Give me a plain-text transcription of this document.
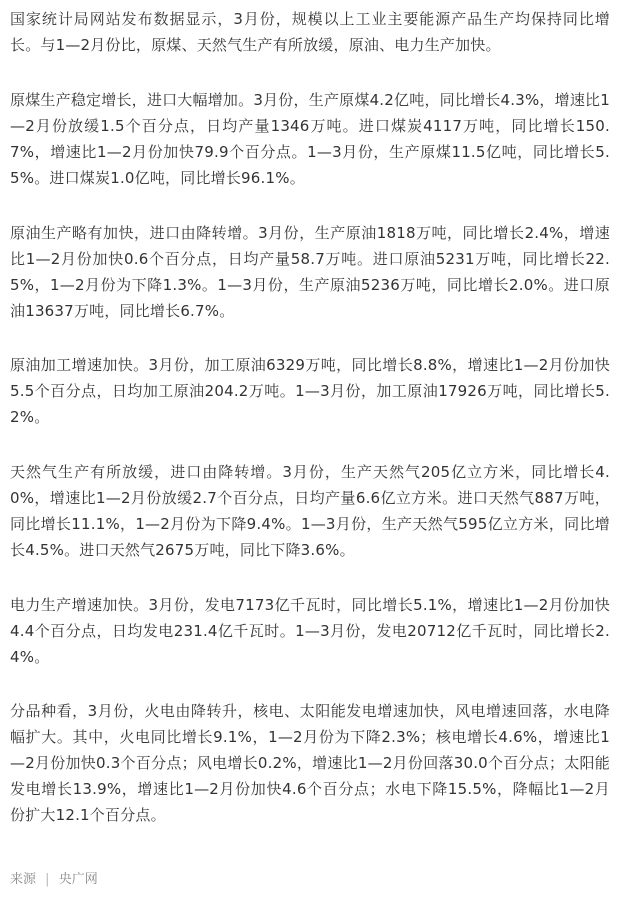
国家统计局网站发布数据显示，3月份，规模以上工业主要能源产品生产均保持同比增长。与1—2月份比，原煤、天然气生产有所放缓，原油、电力生产加快。

原煤生产稳定增长，进口大幅增加。3月份，生产原煤4.2亿吨，同比增长4.3%，增速比1—2月份放缓1.5个百分点，日均产量1346万吨。进口煤炭4117万吨，同比增长150.7%，增速比1—2月份加快79.9个百分点。1—3月份，生产原煤11.5亿吨，同比增长5.5%。进口煤炭1.0亿吨，同比增长96.1%。

原油生产略有加快，进口由降转增。3月份，生产原油1818万吨，同比增长2.4%，增速比1—2月份加快0.6个百分点，日均产量58.7万吨。进口原油5231万吨，同比增长22.5%，1—2月份为下降1.3%。1—3月份，生产原油5236万吨，同比增长2.0%。进口原油13637万吨，同比增长6.7%。

原油加工增速加快。3月份，加工原油6329万吨，同比增长8.8%，增速比1—2月份加快5.5个百分点，日均加工原油204.2万吨。1—3月份，加工原油17926万吨，同比增长5.2%。

天然气生产有所放缓，进口由降转增。3月份，生产天然气205亿立方米，同比增长4.0%，增速比1—2月份放缓2.7个百分点，日均产量6.6亿立方米。进口天然气887万吨，同比增长11.1%，1—2月份为下降9.4%。1—3月份，生产天然气595亿立方米，同比增长4.5%。进口天然气2675万吨，同比下降3.6%。

电力生产增速加快。3月份，发电7173亿千瓦时，同比增长5.1%，增速比1—2月份加快4.4个百分点，日均发电231.4亿千瓦时。1—3月份，发电20712亿千瓦时，同比增长2.4%。

分品种看，3月份，火电由降转升，核电、太阳能发电增速加快，风电增速回落，水电降幅扩大。其中，火电同比增长9.1%，1—2月份为下降2.3%；核电增长4.6%，增速比1—2月份加快0.3个百分点；风电增长0.2%，增速比1—2月份回落30.0个百分点；太阳能发电增长13.9%，增速比1—2月份加快4.6个百分点；水电下降15.5%，降幅比1—2月份扩大12.1个百分点。

来源 | 央广网
